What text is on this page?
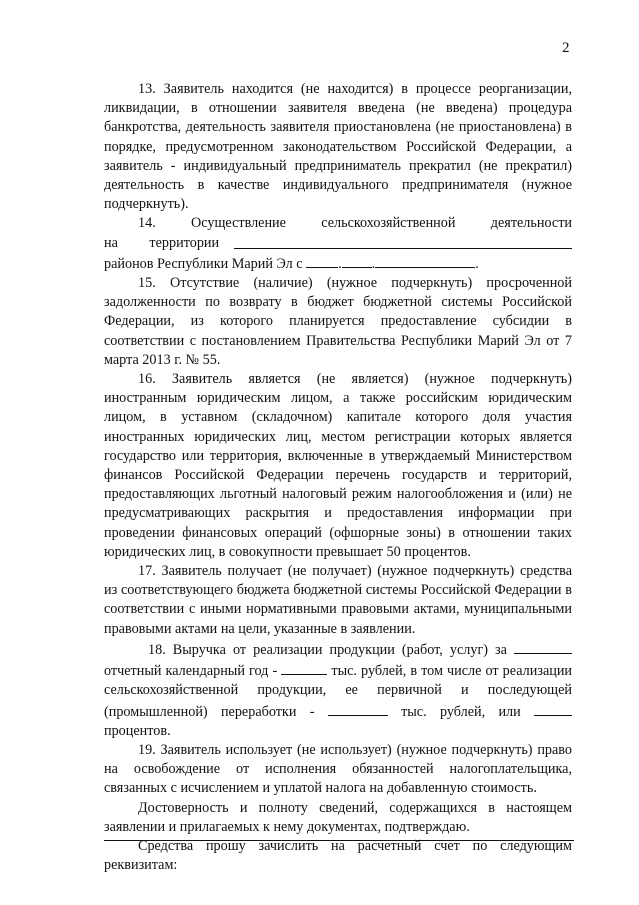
2

13. Заявитель находится (не находится) в процессе реорганизации, ликвидации, в отношении заявителя введена (не введена) процедура банкротства, деятельность заявителя приостановлена (не приостановлена) в порядке, предусмотренном законодательством Российской Федерации, а заявитель - индивидуальный предприниматель прекратил (не прекратил) деятельность в качестве индивидуального предпринимателя (нужное подчеркнуть).

14. Осуществление сельскохозяйственной деятельности
на территории
районов Республики Марий Эл с	. .	.

15. Отсутствие (наличие) (нужное подчеркнуть) просроченной задолженности по возврату в бюджет бюджетной системы Российской Федерации, из которого планируется предоставление субсидии в соответствии с постановлением Правительства Республики Марий Эл от 7 марта 2013 г. № 55.

16. Заявитель является (не является) (нужное подчеркнуть) иностранным юридическим лицом, а также российским юридическим лицом, в уставном (складочном) капитале которого доля участия иностранных юридических лиц, местом регистрации которых является государство или территория, включенные в утверждаемый Министерством финансов Российской Федерации перечень государств и территорий, предоставляющих льготный налоговый режим налогообложения и (или) не предусматривающих раскрытия и предоставления информации при проведении финансовых операций (офшорные зоны) в отношении таких юридических лиц, в совокупности превышает 50 процентов.

17. Заявитель получает (не получает) (нужное подчеркнуть) средства из соответствующего бюджета бюджетной системы Российской Федерации в соответствии с иными нормативными правовыми актами, муниципальными правовыми актами на цели, указанные в заявлении.

18. Выручка от реализации продукции (работ, услуг) за
отчетный календарный год -	тыс. рублей, в том числе от реализации сельскохозяйственной продукции, ее первичной и последующей (промышленной) переработки -	тыс. рублей, или  процентов.

19. Заявитель использует (не использует) (нужное подчеркнуть) право на освобождение от исполнения обязанностей налогоплательщика, связанных с исчислением и уплатой налога на добавленную стоимость.

Достоверность и полноту сведений, содержащихся в настоящем заявлении и прилагаемых к нему документах, подтверждаю.

Средства прошу зачислить на расчетный счет по следующим реквизитам:
